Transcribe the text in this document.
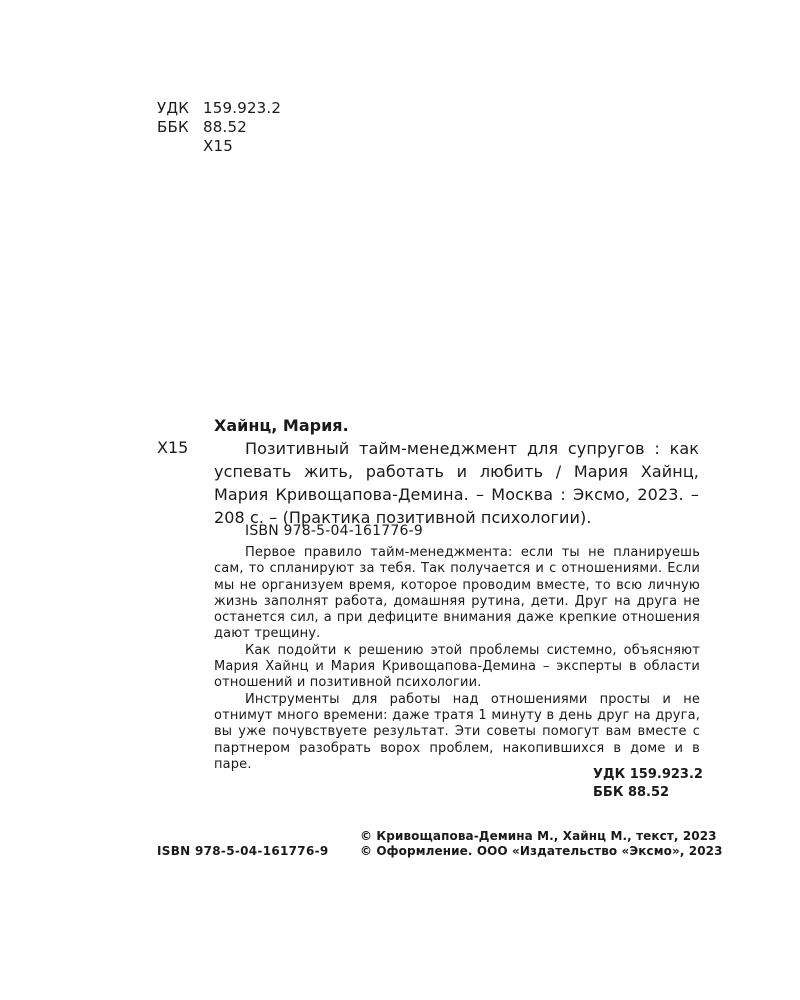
УДК 159.923.2
ББК 88.52
Х15
Хайнц, Мария.
Х15	Позитивный тайм-менеджмент для супругов : как успевать жить, работать и любить / Мария Хайнц, Мария Кривощапова-Демина. – Москва : Эксмо, 2023. – 208 с. – (Практика позитивной психологии).
ISBN 978-5-04-161776-9

Первое правило тайм-менеджмента: если ты не планируешь сам, то спланируют за тебя. Так получается и с отношениями. Если мы не организуем время, которое проводим вместе, то всю личную жизнь заполнят работа, домашняя рутина, дети. Друг на друга не останется сил, а при дефиците внимания даже крепкие отношения дают трещину.

Как подойти к решению этой проблемы системно, объясняют Мария Хайнц и Мария Кривощапова-Демина – эксперты в области отношений и позитивной психологии.

Инструменты для работы над отношениями просты и не отнимут много времени: даже тратя 1 минуту в день друг на друга, вы уже почувствуете результат. Эти советы помогут вам вместе с партнером разобрать ворох проблем, накопившихся в доме и в паре.

УДК 159.923.2
ББК 88.52
© Кривощапова-Демина М., Хайнц М., текст, 2023
© Оформление. ООО «Издательство «Эксмо», 2023
ISBN 978-5-04-161776-9
